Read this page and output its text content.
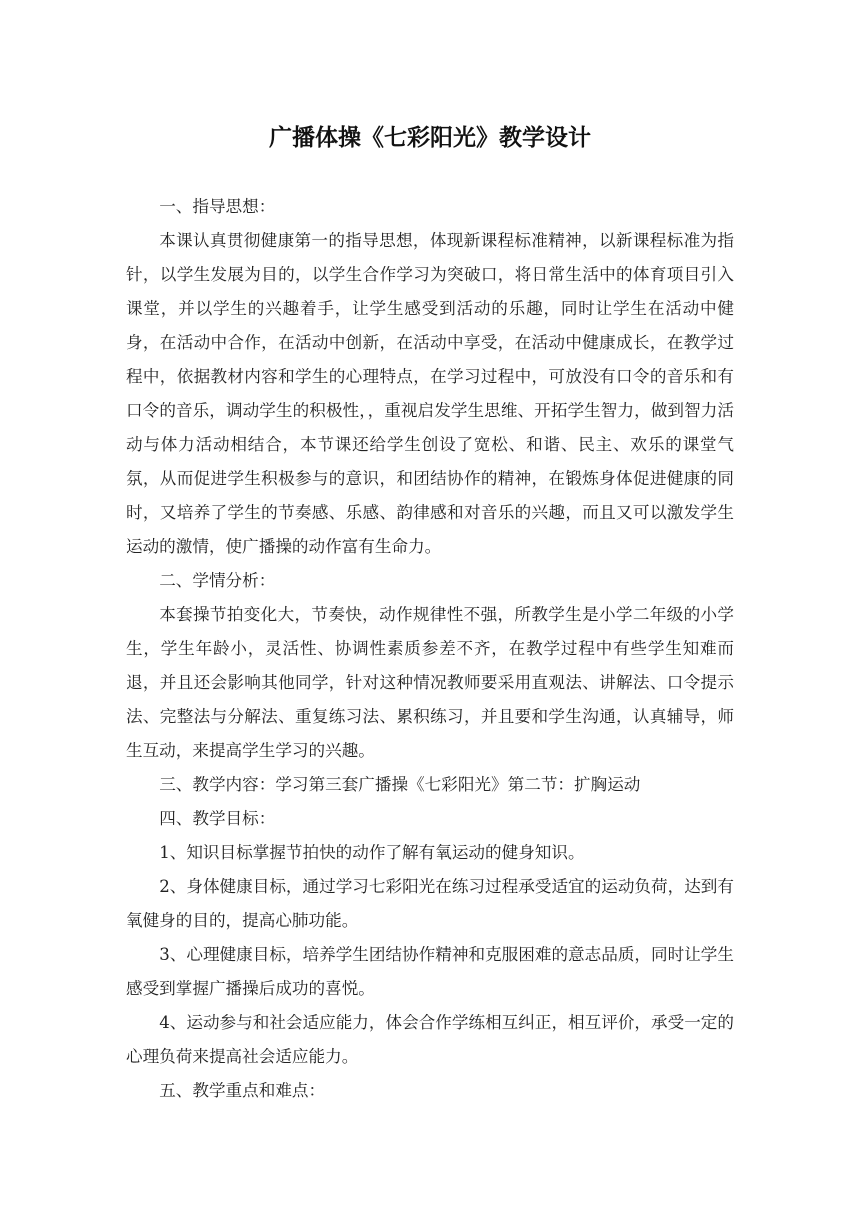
广播体操《七彩阳光》教学设计

一、指导思想：

本课认真贯彻健康第一的指导思想，体现新课程标准精神，以新课程标准为指针，以学生发展为目的，以学生合作学习为突破口，将日常生活中的体育项目引入课堂，并以学生的兴趣着手，让学生感受到活动的乐趣，同时让学生在活动中健身，在活动中合作，在活动中创新，在活动中享受，在活动中健康成长，在教学过程中，依据教材内容和学生的心理特点，在学习过程中，可放没有口令的音乐和有口令的音乐，调动学生的积极性，，重视启发学生思维、开拓学生智力，做到智力活动与体力活动相结合，本节课还给学生创设了宽松、和谐、民主、欢乐的课堂气氛，从而促进学生积极参与的意识，和团结协作的精神，在锻炼身体促进健康的同时，又培养了学生的节奏感、乐感、韵律感和对音乐的兴趣，而且又可以激发学生运动的激情，使广播操的动作富有生命力。

二、学情分析：

本套操节拍变化大，节奏快，动作规律性不强，所教学生是小学二年级的小学生，学生年龄小，灵活性、协调性素质参差不齐，在教学过程中有些学生知难而退，并且还会影响其他同学，针对这种情况教师要采用直观法、讲解法、口令提示法、完整法与分解法、重复练习法、累积练习，并且要和学生沟通，认真辅导，师生互动，来提高学生学习的兴趣。

三、教学内容：学习第三套广播操《七彩阳光》第二节：扩胸运动

四、教学目标：

1、知识目标掌握节拍快的动作了解有氧运动的健身知识。

2、身体健康目标，通过学习七彩阳光在练习过程承受适宜的运动负荷，达到有氧健身的目的，提高心肺功能。

3、心理健康目标，培养学生团结协作精神和克服困难的意志品质，同时让学生感受到掌握广播操后成功的喜悦。

4、运动参与和社会适应能力，体会合作学练相互纠正，相互评价，承受一定的心理负荷来提高社会适应能力。

五、教学重点和难点：
